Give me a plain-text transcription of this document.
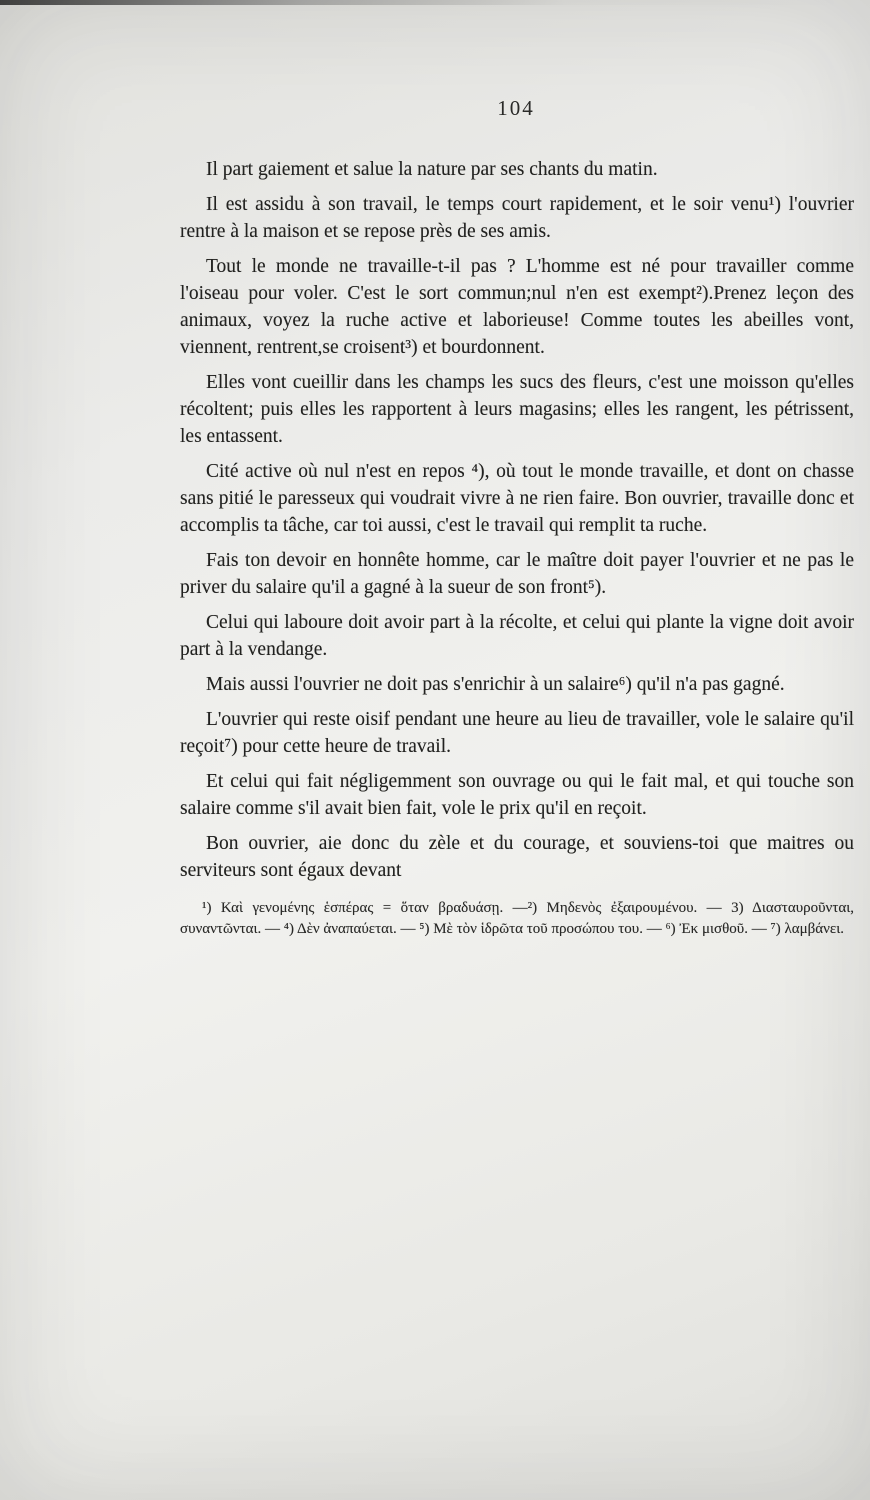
104

Il part gaiement et salue la nature par ses chants du matin.

Il est assidu à son travail, le temps court rapidement, et le soir venu¹) l'ouvrier rentre à la maison et se repose près de ses amis.

Tout le monde ne travaille-t-il pas ? L'homme est né pour travailler comme l'oiseau pour voler. C'est le sort commun;nul n'en est exempt²).Prenez leçon des animaux, voyez la ruche active et laborieuse! Comme toutes les abeilles vont, viennent, rentrent,se croisent³) et bourdonnent.

Elles vont cueillir dans les champs les sucs des fleurs, c'est une moisson qu'elles récoltent; puis elles les rapportent à leurs magasins; elles les rangent, les pétrissent, les entassent.

Cité active où nul n'est en repos ⁴), où tout le monde travaille, et dont on chasse sans pitié le paresseux qui voudrait vivre à ne rien faire. Bon ouvrier, travaille donc et accomplis ta tâche, car toi aussi, c'est le travail qui remplit ta ruche.

Fais ton devoir en honnête homme, car le maître doit payer l'ouvrier et ne pas le priver du salaire qu'il a gagné à la sueur de son front⁵).

Celui qui laboure doit avoir part à la récolte, et celui qui plante la vigne doit avoir part à la vendange.

Mais aussi l'ouvrier ne doit pas s'enrichir à un salaire⁶) qu'il n'a pas gagné.

L'ouvrier qui reste oisif pendant une heure au lieu de travailler, vole le salaire qu'il reçoit⁷) pour cette heure de travail.

Et celui qui fait négligemment son ouvrage ou qui le fait mal, et qui touche son salaire comme s'il avait bien fait, vole le prix qu'il en reçoit.

Bon ouvrier, aie donc du zèle et du courage, et souviens-toi que maitres ou serviteurs sont égaux devant

¹) Καὶ γενομένης ἑσπέρας = ὅταν βραδυάσῃ. —²) Μηδενὸς ἐξαιρουμένου. — 3) Διασταυροῦνται, συναντῶνται. — ⁴) Δὲν ἀναπαύεται. — ⁵) Μὲ τὸν ἱδρῶτα τοῦ προσώπου του. — ⁶) Ἐκ μισθοῦ. — ⁷) λαμβάνει.
